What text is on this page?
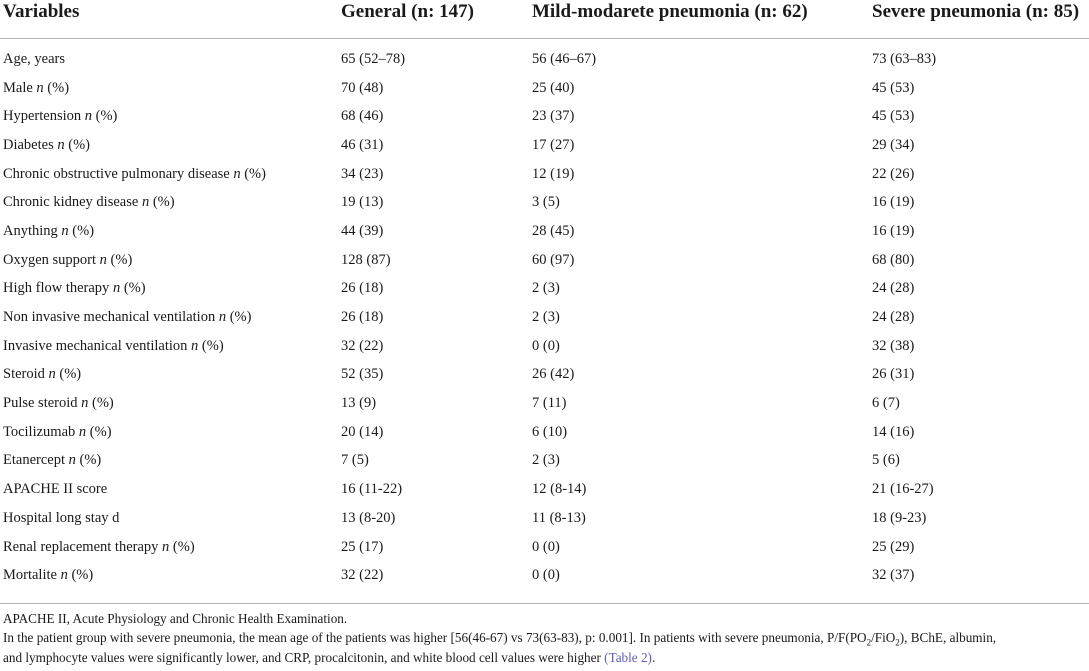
Variables	General (n: 147)	Mild-modarete pneumonia (n: 62)	Severe pneumonia (n: 85)
Age, years	65 (52–78)	56 (46–67)	73 (63–83)
Male n (%)	70 (48)	25 (40)	45 (53)
Hypertension n (%)	68 (46)	23 (37)	45 (53)
Diabetes n (%)	46 (31)	17 (27)	29 (34)
Chronic obstructive pulmonary disease n (%)	34 (23)	12 (19)	22 (26)
Chronic kidney disease n (%)	19 (13)	3 (5)	16 (19)
Anything n (%)	44 (39)	28 (45)	16 (19)
Oxygen support n (%)	128 (87)	60 (97)	68 (80)
High flow therapy n (%)	26 (18)	2 (3)	24 (28)
Non invasive mechanical ventilation n (%)	26 (18)	2 (3)	24 (28)
Invasive mechanical ventilation n (%)	32 (22)	0 (0)	32 (38)
Steroid n (%)	52 (35)	26 (42)	26 (31)
Pulse steroid n (%)	13 (9)	7 (11)	6 (7)
Tocilizumab n (%)	20 (14)	6 (10)	14 (16)
Etanercept n (%)	7 (5)	2 (3)	5 (6)
APACHE II score	16 (11-22)	12 (8-14)	21 (16-27)
Hospital long stay d	13 (8-20)	11 (8-13)	18 (9-23)
Renal replacement therapy n (%)	25 (17)	0 (0)	25 (29)
Mortalite n (%)	32 (22)	0 (0)	32 (37)

APACHE II, Acute Physiology and Chronic Health Examination.

In the patient group with severe pneumonia, the mean age of the patients was higher [56(46-67) vs 73(63-83), p: 0.001]. In patients with severe pneumonia, $P/F(PO_2/FiO_2)$, BChE, albumin,

and lymphocyte values were significantly lower, and CRP, procalcitonin, and white blood cell values were higher (Table 2).
